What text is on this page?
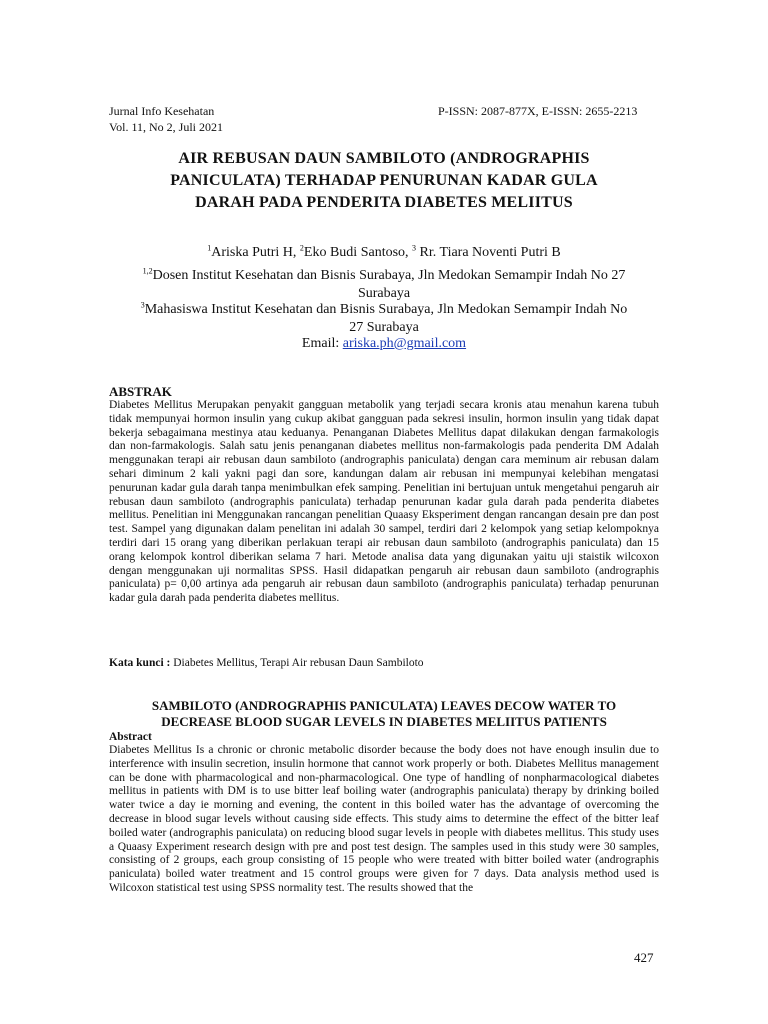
Jurnal Info Kesehatan
Vol. 11, No 2, Juli 2021
P-ISSN: 2087-877X, E-ISSN: 2655-2213
AIR REBUSAN DAUN SAMBILOTO (ANDROGRAPHIS
PANICULATA) TERHADAP PENURUNAN KADAR GULA
DARAH PADA PENDERITA DIABETES MELIITUS
$^1$Ariska Putri H, $^2$Eko Budi Santoso, $^3$ Rr. Tiara Noventi Putri B
$^{1,2}$Dosen Institut Kesehatan dan Bisnis Surabaya, Jln Medokan Semampir Indah No 27
Surabaya
$^3$Mahasiswa Institut Kesehatan dan Bisnis Surabaya, Jln Medokan Semampir Indah No
27 Surabaya
Email: ariska.ph@gmail.com
ABSTRAK
Diabetes Mellitus Merupakan penyakit gangguan metabolik yang terjadi secara kronis atau menahun karena tubuh tidak mempunyai hormon insulin yang cukup akibat gangguan pada sekresi insulin, hormon insulin yang tidak dapat bekerja sebagaimana mestinya atau keduanya. Penanganan Diabetes Mellitus dapat dilakukan dengan farmakologis dan non-farmakologis. Salah satu jenis penanganan diabetes mellitus non-farmakologis pada penderita DM Adalah menggunakan terapi air rebusan daun sambiloto (andrographis paniculata) dengan cara meminum air rebusan dalam sehari diminum 2 kali yakni pagi dan sore, kandungan dalam air rebusan ini mempunyai kelebihan mengatasi penurunan kadar gula darah tanpa menimbulkan efek samping. Penelitian ini bertujuan untuk mengetahui pengaruh air rebusan daun sambiloto (andrographis paniculata) terhadap penurunan kadar gula darah pada penderita diabetes mellitus. Penelitian ini Menggunakan rancangan penelitian Quaasy Eksperiment dengan rancangan desain pre dan post test. Sampel yang digunakan dalam penelitan ini adalah 30 sampel, terdiri dari 2 kelompok yang setiap kelompoknya terdiri dari 15 orang yang diberikan perlakuan terapi air rebusan daun sambiloto (andrographis paniculata) dan 15 orang kelompok kontrol diberikan selama 7 hari. Metode analisa data yang digunakan yaitu uji staistik wilcoxon dengan menggunakan uji normalitas SPSS. Hasil didapatkan pengaruh air rebusan daun sambiloto (andrographis paniculata) p= 0,00 artinya ada pengaruh air rebusan daun sambiloto (andrographis paniculata) terhadap penurunan kadar gula darah pada penderita diabetes mellitus.
Kata kunci : Diabetes Mellitus, Terapi Air rebusan Daun Sambiloto
SAMBILOTO (ANDROGRAPHIS PANICULATA) LEAVES DECOW WATER TO
DECREASE BLOOD SUGAR LEVELS IN DIABETES MELIITUS PATIENTS
Abstract
Diabetes Mellitus Is a chronic or chronic metabolic disorder because the body does not have enough insulin due to interference with insulin secretion, insulin hormone that cannot work properly or both. Diabetes Mellitus management can be done with pharmacological and non-pharmacological. One type of handling of nonpharmacological diabetes mellitus in patients with DM is to use bitter leaf boiling water (andrographis paniculata) therapy by drinking boiled water twice a day ie morning and evening, the content in this boiled water has the advantage of overcoming the decrease in blood sugar levels without causing side effects. This study aims to determine the effect of the bitter leaf boiled water (andrographis paniculata) on reducing blood sugar levels in people with diabetes mellitus. This study uses a Quaasy Experiment research design with pre and post test design. The samples used in this study were 30 samples, consisting of 2 groups, each group consisting of 15 people who were treated with bitter boiled water (andrographis paniculata) boiled water treatment and 15 control groups were given for 7 days. Data analysis method used is Wilcoxon statistical test using SPSS normality test. The results showed that the
427
